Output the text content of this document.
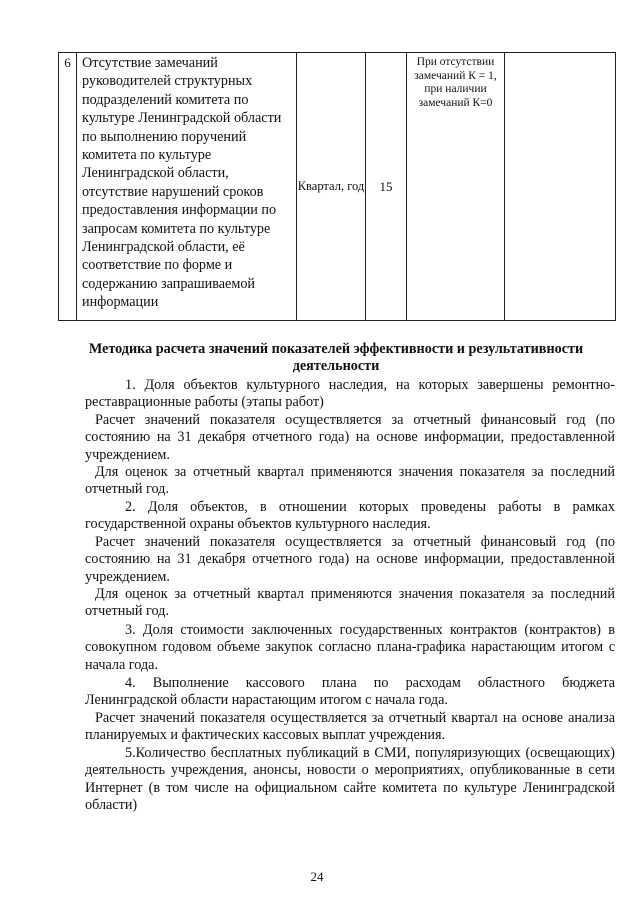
6	Отсутствие замечаний руководителей структурных подразделений комитета по культуре Ленинградской области по выполнению поручений комитета по культуре Ленинградской области, отсутствие нарушений сроков предоставления информации по запросам комитета по культуре Ленинградской области, её соответствие по форме и содержанию запрашиваемой информации	Квартал, год	15	При отсутствии замечаний К = 1, при наличии замечаний К=0	
Методика расчета значений показателей эффективности и результативности деятельности
1. Доля объектов культурного наследия, на которых завершены ремонтно-реставрационные работы (этапы работ)
Расчет значений показателя осуществляется за отчетный финансовый год (по состоянию на 31 декабря отчетного года) на основе информации, предоставленной учреждением.
Для оценок за отчетный квартал применяются значения показателя за последний отчетный год.
2. Доля объектов, в отношении которых проведены работы в рамках государственной охраны объектов культурного наследия.
Расчет значений показателя осуществляется за отчетный финансовый год (по состоянию на 31 декабря отчетного года) на основе информации, предоставленной учреждением.
Для оценок за отчетный квартал применяются значения показателя за последний отчетный год.
3. Доля стоимости заключенных государственных контрактов (контрактов) в совокупном годовом объеме закупок согласно плана-графика нарастающим итогом с начала года.
4. Выполнение кассового плана по расходам областного бюджета Ленинградской области нарастающим итогом с начала года.
Расчет значений показателя осуществляется за отчетный квартал на основе анализа планируемых и фактических кассовых выплат учреждения.
5.Количество бесплатных публикаций в СМИ, популяризующих (освещающих) деятельность учреждения, анонсы, новости о мероприятиях, опубликованные в сети Интернет (в том числе на официальном сайте комитета по культуре Ленинградской области)
24
